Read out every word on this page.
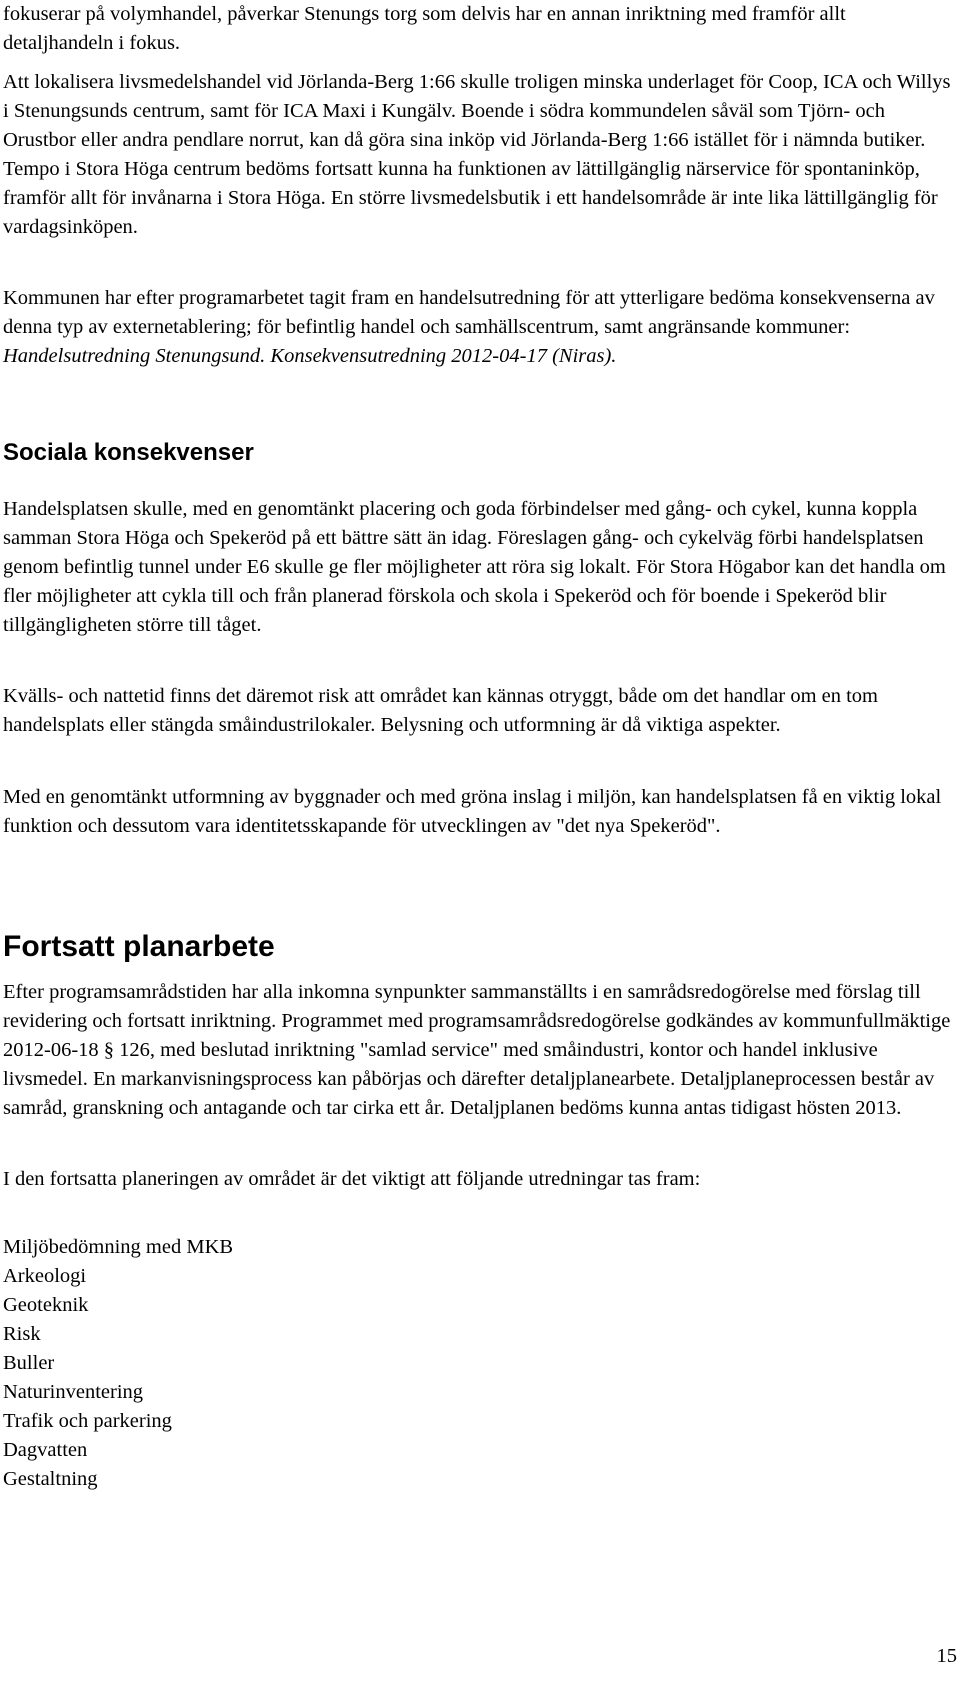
fokuserar på volymhandel, påverkar Stenungs torg som delvis har en annan inriktning med framför allt detaljhandeln i fokus.

Att lokalisera livsmedelshandel vid Jörlanda-Berg 1:66 skulle troligen minska underlaget för Coop, ICA och Willys i Stenungsunds centrum, samt för ICA Maxi i Kungälv. Boende i södra kommundelen såväl som Tjörn- och Orustbor eller andra pendlare norrut, kan då göra sina inköp vid Jörlanda-Berg 1:66 istället för i nämnda butiker. Tempo i Stora Höga centrum bedöms fortsatt kunna ha funktionen av lättillgänglig närservice för spontaninköp, framför allt för invånarna i Stora Höga. En större livsmedelsbutik i ett handelsområde är inte lika lättillgänglig för vardagsinköpen.

Kommunen har efter programarbetet tagit fram en handelsutredning för att ytterligare bedöma konsekvenserna av denna typ av externetablering; för befintlig handel och samhällscentrum, samt angränsande kommuner: Handelsutredning Stenungsund. Konsekvensutredning 2012-04-17 (Niras).

Sociala konsekvenser

Handelsplatsen skulle, med en genomtänkt placering och goda förbindelser med gång- och cykel, kunna koppla samman Stora Höga och Spekeröd på ett bättre sätt än idag. Föreslagen gång- och cykelväg förbi handelsplatsen genom befintlig tunnel under E6 skulle ge fler möjligheter att röra sig lokalt. För Stora Högabor kan det handla om fler möjligheter att cykla till och från planerad förskola och skola i Spekeröd och för boende i Spekeröd blir tillgängligheten större till tåget.

Kvälls- och nattetid finns det däremot risk att området kan kännas otryggt, både om det handlar om en tom handelsplats eller stängda småindustrilokaler. Belysning och utformning är då viktiga aspekter.

Med en genomtänkt utformning av byggnader och med gröna inslag i miljön, kan handelsplatsen få en viktig lokal funktion och dessutom vara identitetsskapande för utvecklingen av "det nya Spekeröd".

Fortsatt planarbete

Efter programsamrådstiden har alla inkomna synpunkter sammanställts i en samrådsredogörelse med förslag till revidering och fortsatt inriktning. Programmet med programsamrådsredogörelse godkändes av kommunfullmäktige 2012-06-18 § 126, med beslutad inriktning "samlad service" med småindustri, kontor och handel inklusive livsmedel. En markanvisningsprocess kan påbörjas och därefter detaljplanearbete. Detaljplaneprocessen består av samråd, granskning och antagande och tar cirka ett år. Detaljplanen bedöms kunna antas tidigast hösten 2013.

I den fortsatta planeringen av området är det viktigt att följande utredningar tas fram:

Miljöbedömning med MKB
Arkeologi
Geoteknik
Risk
Buller
Naturinventering
Trafik och parkering
Dagvatten
Gestaltning
15
